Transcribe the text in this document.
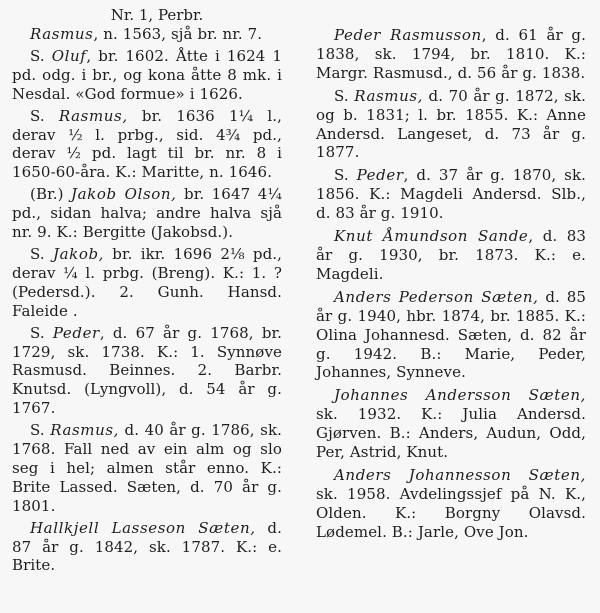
Nr. 1, Perbr.

Rasmus, n. 1563, sjå br. nr. 7.

S. Oluf, br. 1602. Åtte i 1624 1 pd. odg. i br., og kona åtte 8 mk. i Nesdal. «God formue» i 1626.

S. Rasmus, br. 1636 1¼ l., derav ½ l. prbg., sid. 4¾ pd., derav ½ pd. lagt til br. nr. 8 i 1650-60-åra. K.: Maritte, n. 1646.

(Br.) Jakob Olson, br. 1647 4¼ pd., sidan halva; andre halva sjå nr. 9. K.: Bergitte (Jakobsd.).

S. Jakob, br. ikr. 1696 2⅛ pd., derav ¼ l. prbg. (Breng). K.: 1. ? (Pedersd.). 2. Gunh. Hansd. Faleide .

S. Peder, d. 67 år g. 1768, br. 1729, sk. 1738. K.: 1. Synnøve Rasmusd. Beinnes. 2. Barbr. Knutsd. (Lyngvoll), d. 54 år g. 1767.

S. Rasmus, d. 40 år g. 1786, sk. 1768. Fall ned av ein alm og slo seg i hel; almen står enno. K.: Brite Lassed. Sæten, d. 70 år g. 1801.

Hallkjell Lasseson Sæten, d. 87 år g. 1842, sk. 1787. K.: e. Brite.

Peder Rasmusson, d. 61 år g. 1838, sk. 1794, br. 1810. K.: Margr. Rasmusd., d. 56 år g. 1838.

S. Rasmus, d. 70 år g. 1872, sk. og b. 1831; l. br. 1855. K.: Anne Andersd. Langeset, d. 73 år g. 1877.

S. Peder, d. 37 år g. 1870, sk. 1856. K.: Magdeli Andersd. Slb., d. 83 år g. 1910.

Knut Åmundson Sande, d. 83 år g. 1930, br. 1873. K.: e. Magdeli.

Anders Pederson Sæten, d. 85 år g. 1940, hbr. 1874, br. 1885. K.: Olina Johannesd. Sæten, d. 82 år g. 1942. B.: Marie, Peder, Johannes, Synneve.

Johannes Andersson Sæten, sk. 1932. K.: Julia Andersd. Gjørven. B.: Anders, Audun, Odd, Per, Astrid, Knut.

Anders Johannesson Sæten, sk. 1958. Avdelingssjef på N. K., Olden. K.: Borgny Olavsd. Lødemel. B.: Jarle, Ove Jon.
